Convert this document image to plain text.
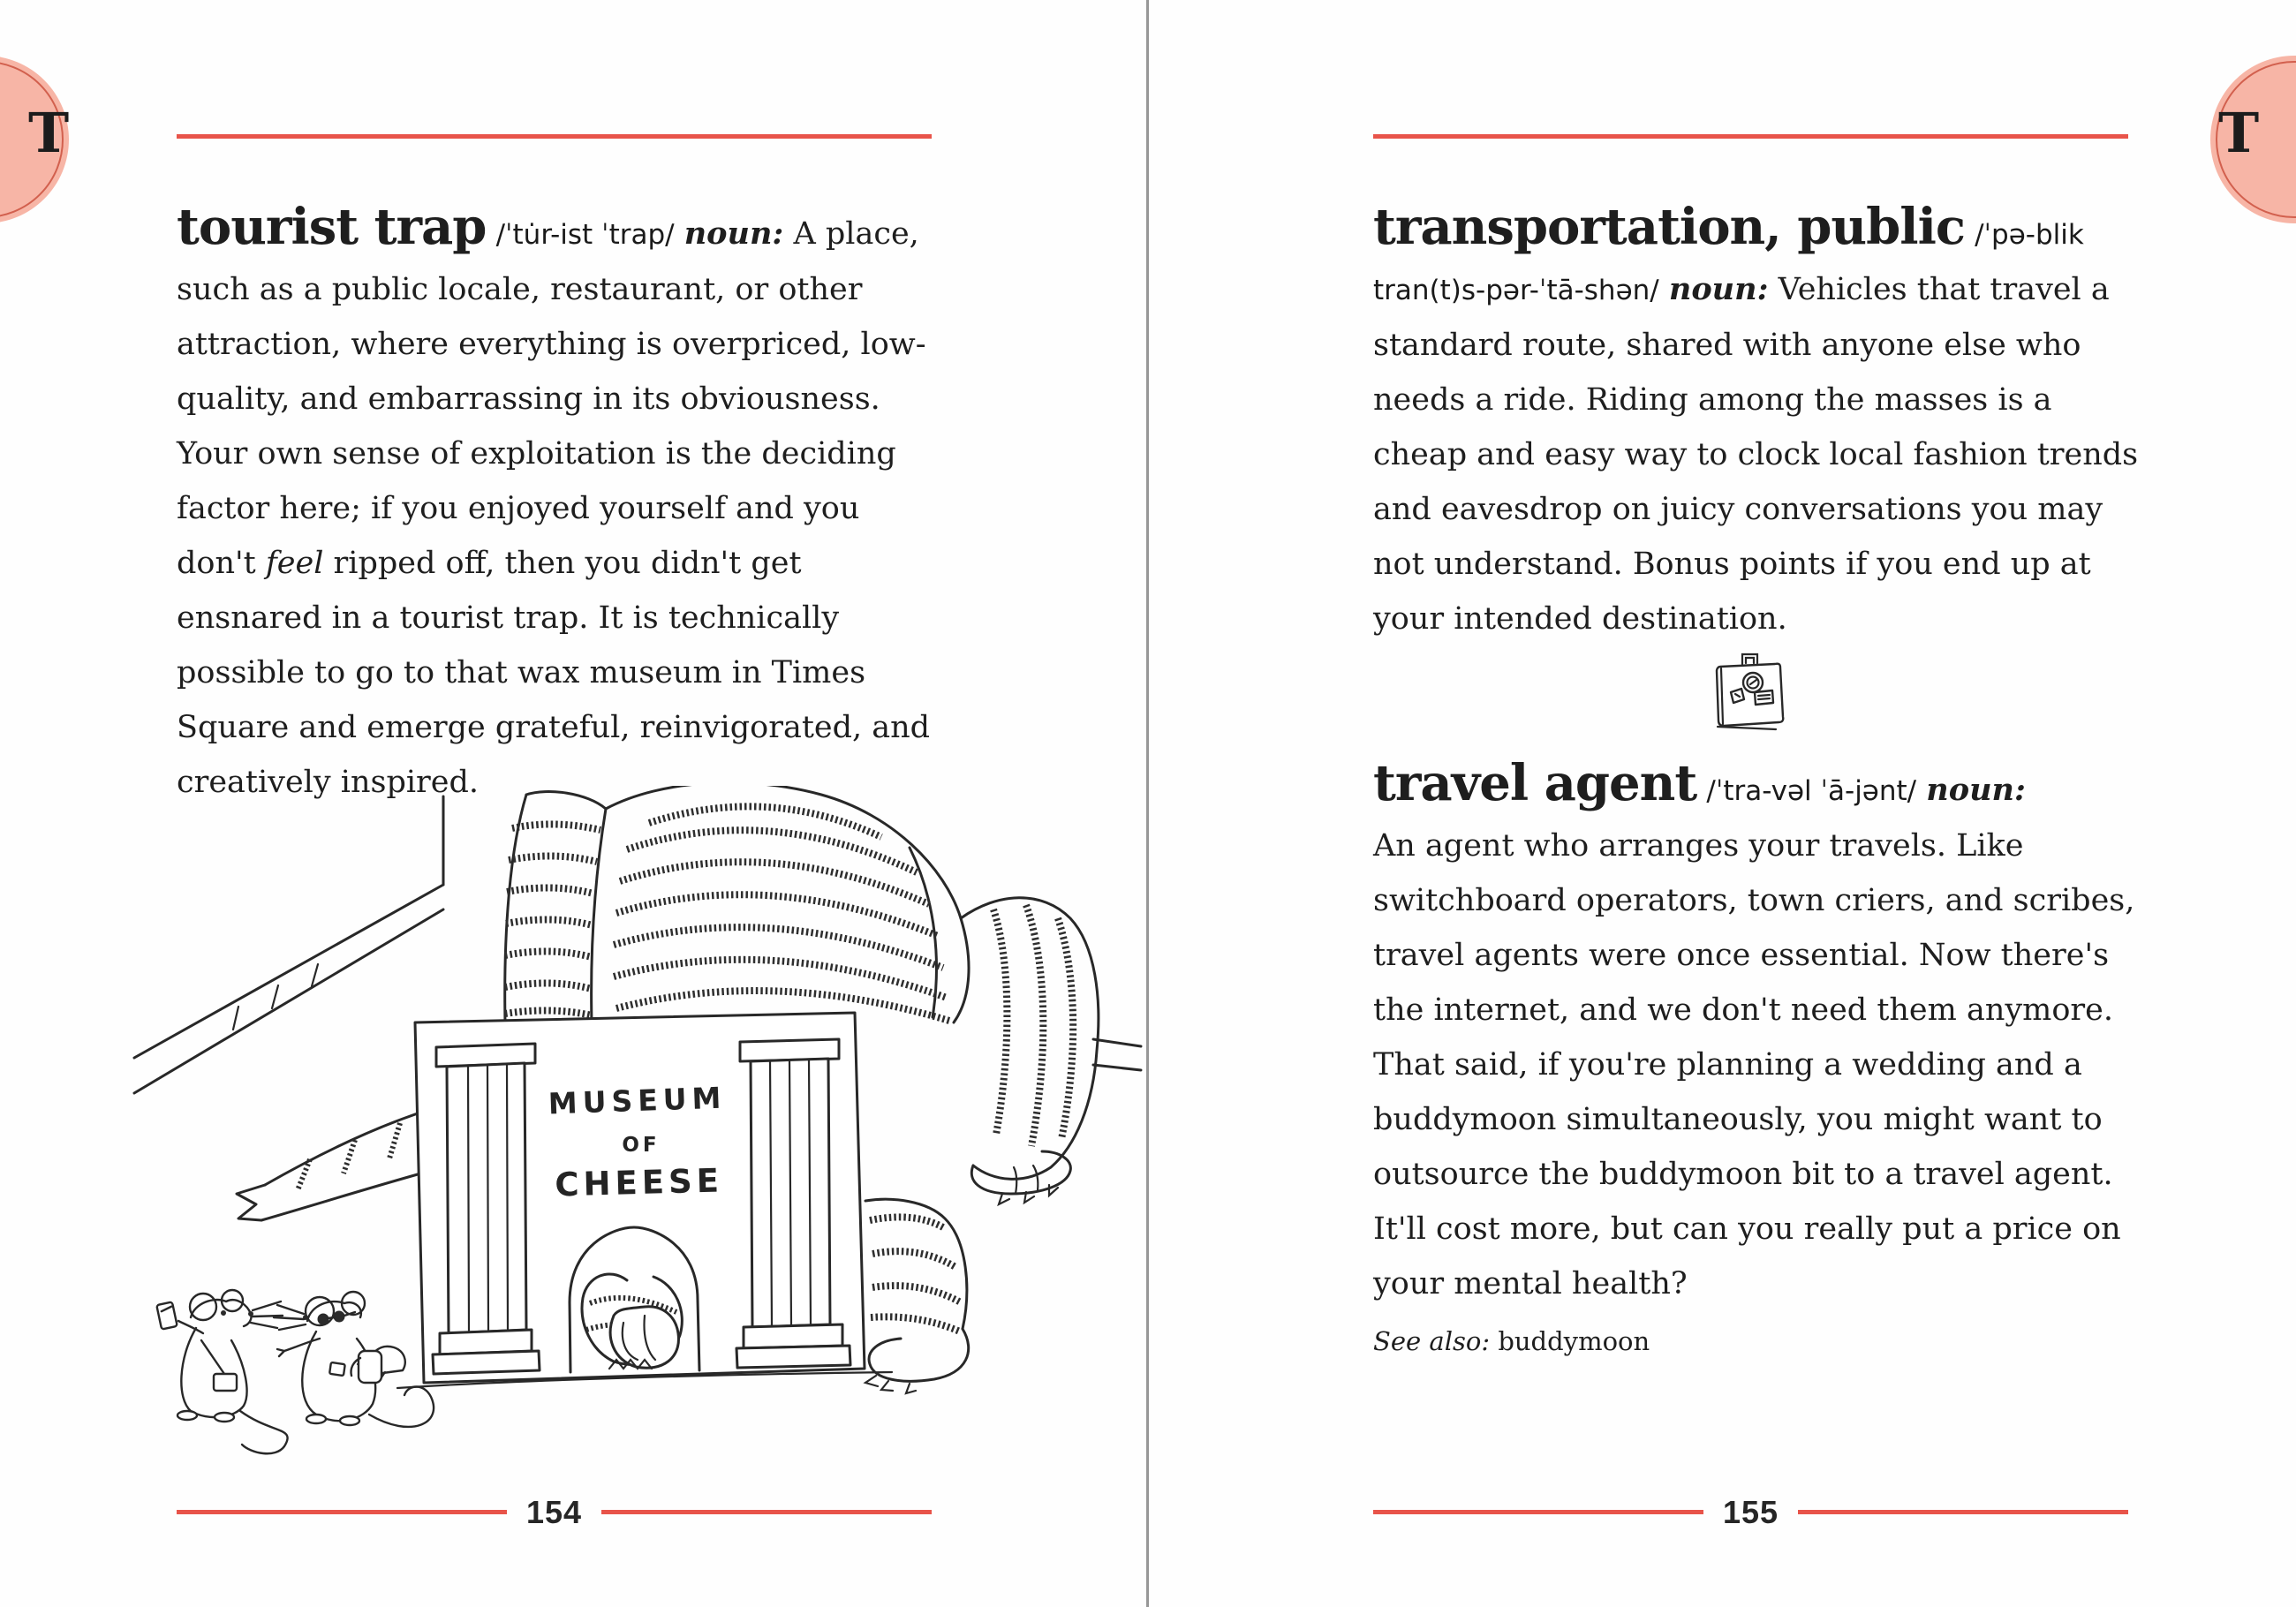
T	T

tourist trap /ˈtu̇r-ist ˈtrap/ noun: A place, such as a public locale, restaurant, or other attraction, where everything is overpriced, low-quality, and embarrassing in its obviousness. Your own sense of exploitation is the deciding factor here; if you enjoyed yourself and you don't feel ripped off, then you didn't get ensnared in a tourist trap. It is technically possible to go to that wax museum in Times Square and emerge grateful, reinvigorated, and creatively inspired.

MUSEUM
OF
CHEESE
154

transportation, public /ˈpə-blik tran(t)s-pər-ˈtā-shən/ noun: Vehicles that travel a standard route, shared with anyone else who needs a ride. Riding among the masses is a cheap and easy way to clock local fashion trends and eavesdrop on juicy conversations you may not understand. Bonus points if you end up at your intended destination.

travel agent /ˈtra-vəl ˈā-jənt/ noun:
An agent who arranges your travels. Like switchboard operators, town criers, and scribes, travel agents were once essential. Now there's the internet, and we don't need them anymore. That said, if you're planning a wedding and a buddymoon simultaneously, you might want to outsource the buddymoon bit to a travel agent. It'll cost more, but can you really put a price on your mental health?

See also: buddymoon

155
